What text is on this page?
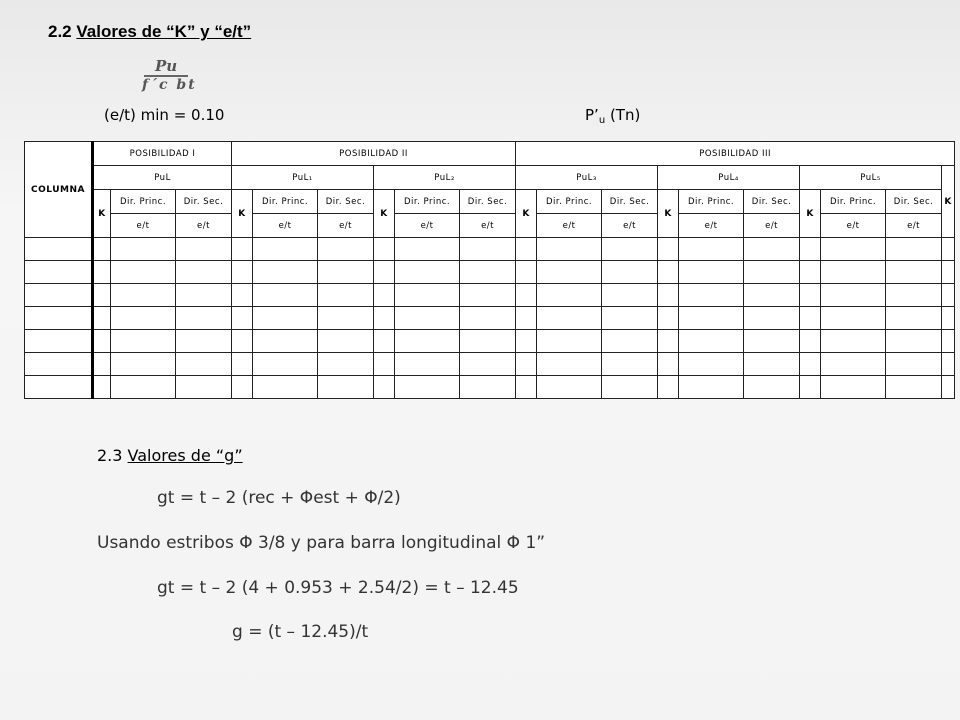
2.2 Valores de “K” y “e/t”
Pu
f´c bt
(e/t) min = 0.10	$P’_u$ (Tn)
COLUMNA	POSIBILIDAD I			POSIBILIDAD II						POSIBILIDAD III									
	PuL			PuL₁			PuL₂			PuL₃			PuL₄			PuL₅			K
	K	Dir. Princ.	Dir. Sec.	K	Dir. Princ.	Dir. Sec.	K	Dir. Princ.	Dir. Sec.	K	Dir. Princ.	Dir. Sec.	K	Dir. Princ.	Dir. Sec.	K	Dir. Princ.	Dir. Sec.	
		e/t	e/t		e/t	e/t		e/t	e/t		e/t	e/t		e/t	e/t		e/t	e/t	

2.3 Valores de “g”
gt = t – 2 (rec + Φest + Φ/2)
Usando estribos Φ 3/8 y para barra longitudinal Φ 1”
gt = t – 2 (4 + 0.953 + 2.54/2) = t – 12.45
g = (t – 12.45)/t
